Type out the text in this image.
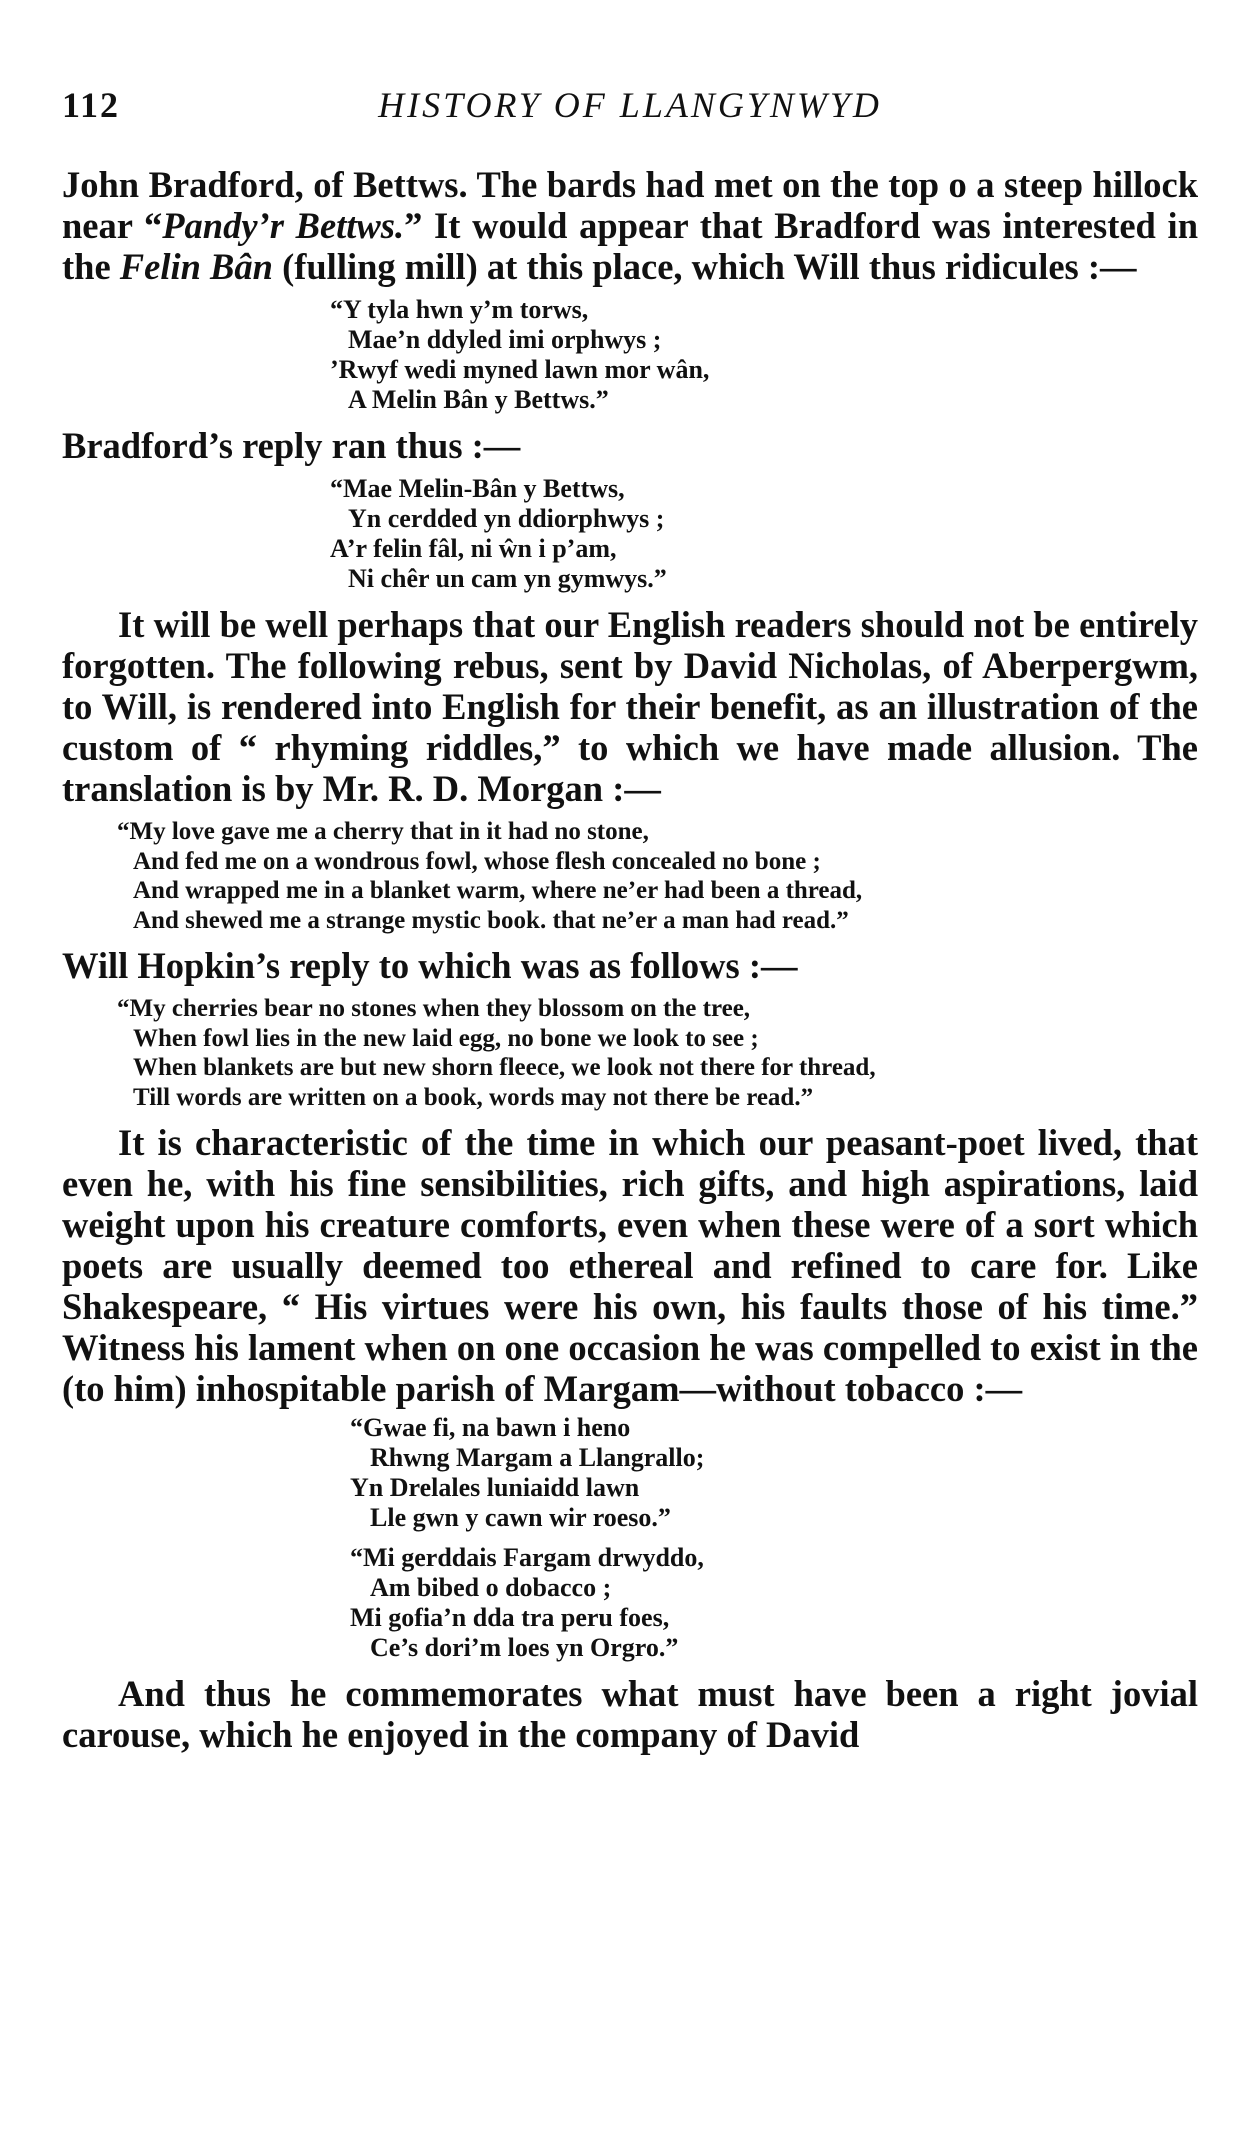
112	HISTORY OF LLANGYNWYD

John Bradford, of Bettws. The bards had met on the top o a steep hillock near “Pandy’r Bettws.” It would appear that Bradford was interested in the Felin Bân (fulling mill) at this place, which Will thus ridicules :—

“Y tyla hwn y’m torws,
Mae’n ddyled imi orphwys ;
’Rwyf wedi myned lawn mor wân,
A Melin Bân y Bettws.”

Bradford’s reply ran thus :—

“Mae Melin-Bân y Bettws,
Yn cerdded yn ddiorphwys ;
A’r felin fâl, ni ŵn i p’am,
Ni chêr un cam yn gymwys.”

It will be well perhaps that our English readers should not be entirely forgotten. The following rebus, sent by David Nicholas, of Aberpergwm, to Will, is rendered into English for their benefit, as an illustration of the custom of “ rhyming riddles,” to which we have made allusion. The translation is by Mr. R. D. Morgan :—

“My love gave me a cherry that in it had no stone,
And fed me on a wondrous fowl, whose flesh concealed no bone ;
And wrapped me in a blanket warm, where ne’er had been a thread,
And shewed me a strange mystic book. that ne’er a man had read.”

Will Hopkin’s reply to which was as follows :—

“My cherries bear no stones when they blossom on the tree,
When fowl lies in the new laid egg, no bone we look to see ;
When blankets are but new shorn fleece, we look not there for thread,
Till words are written on a book, words may not there be read.”

It is characteristic of the time in which our peasant-poet lived, that even he, with his fine sensibilities, rich gifts, and high aspirations, laid weight upon his creature comforts, even when these were of a sort which poets are usually deemed too ethereal and refined to care for. Like Shakespeare, “ His virtues were his own, his faults those of his time.” Witness his lament when on one occasion he was compelled to exist in the (to him) inhospitable parish of Margam—without tobacco :—

“Gwae fi, na bawn i heno
Rhwng Margam a Llangrallo;
Yn Drelales luniaidd lawn
Lle gwn y cawn wir roeso.”
“Mi gerddais Fargam drwyddo,
Am bibed o dobacco ;
Mi gofia’n dda tra peru foes,
Ce’s dori’m loes yn Orgro.”

And thus he commemorates what must have been a right jovial carouse, which he enjoyed in the company of David
